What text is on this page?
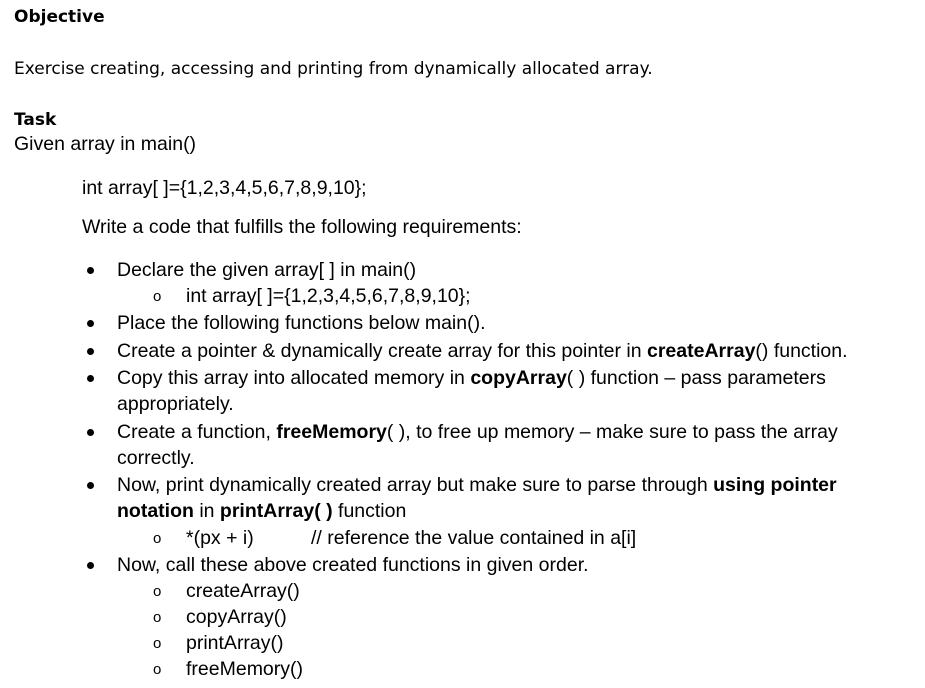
Objective
Exercise creating, accessing and printing from dynamically allocated array.
Task
Given array in main()
int array[ ]={1,2,3,4,5,6,7,8,9,10};
Write a code that fulfills the following requirements:
Declare the given array[ ] in main()
o int array[ ]={1,2,3,4,5,6,7,8,9,10};
Place the following functions below main().
Create a pointer & dynamically create array for this pointer in createArray() function.
Copy this array into allocated memory in copyArray( ) function – pass parameters
appropriately.
Create a function, freeMemory( ), to free up memory – make sure to pass the array
correctly.
Now, print dynamically created array but make sure to parse through using pointer
notation in printArray( ) function
o *(px + i)	// reference the value contained in a[i]
Now, call these above created functions in given order.
o createArray()
o copyArray()
o printArray()
o freeMemory()
